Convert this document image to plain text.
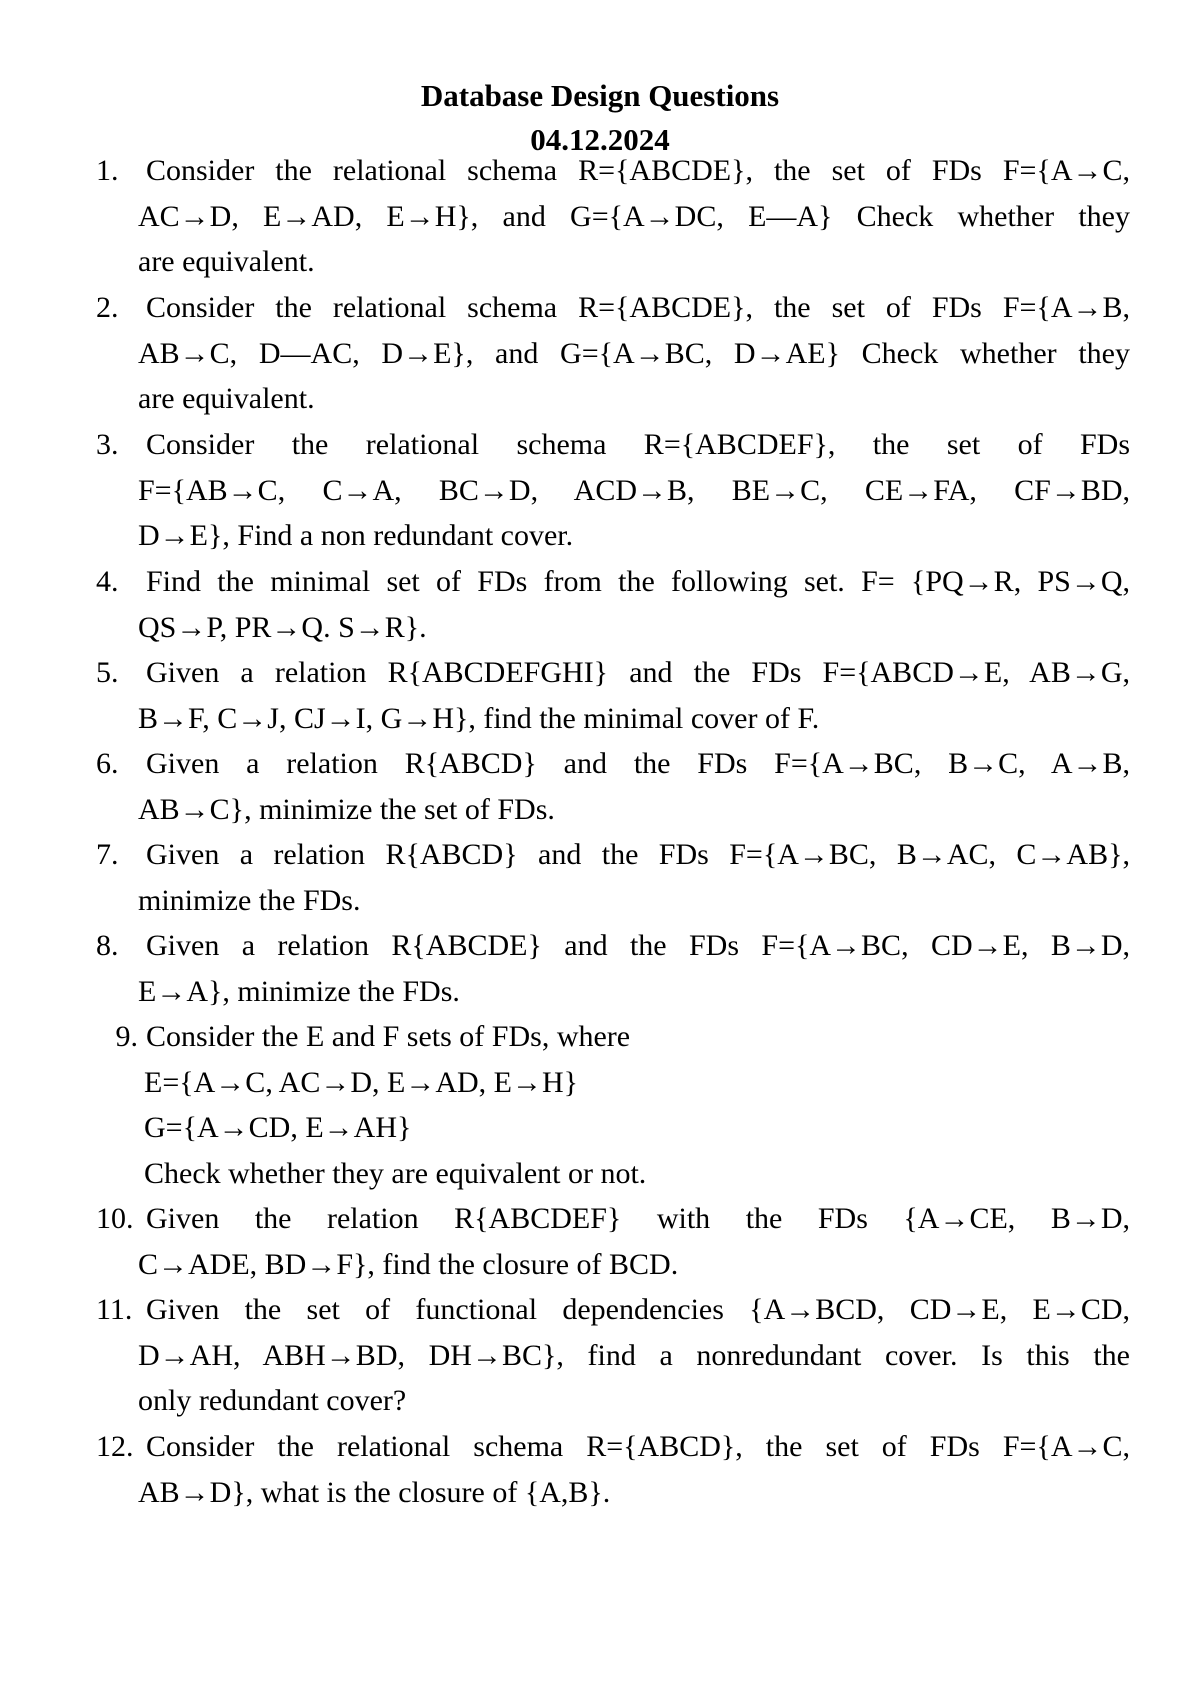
Database Design Questions
04.12.2024
1. Consider the relational schema R={ABCDE}, the set of FDs F={A→C,
AC→D, E→AD, E→H}, and G={A→DC, E—A} Check whether they
are equivalent.
2. Consider the relational schema R={ABCDE}, the set of FDs F={A→B,
AB→C, D—AC, D→E}, and G={A→BC, D→AE} Check whether they
are equivalent.
3. Consider the relational schema R={ABCDEF}, the set of FDs
F={AB→C, C→A, BC→D, ACD→B, BE→C, CE→FA, CF→BD,
D→E}, Find a non redundant cover.
4. Find the minimal set of FDs from the following set. F= {PQ→R, PS→Q,
QS→P, PR→Q. S→R}.
5. Given a relation R{ABCDEFGHI} and the FDs F={ABCD→E, AB→G,
B→F, C→J, CJ→I, G→H}, find the minimal cover of F.
6. Given a relation R{ABCD} and the FDs F={A→BC, B→C, A→B,
AB→C}, minimize the set of FDs.
7. Given a relation R{ABCD} and the FDs F={A→BC, B→AC, C→AB},
minimize the FDs.
8. Given a relation R{ABCDE} and the FDs F={A→BC, CD→E, B→D,
E→A}, minimize the FDs.
9. Consider the E and F sets of FDs, where
E={A→C, AC→D, E→AD, E→H}
G={A→CD, E→AH}
Check whether they are equivalent or not.
10. Given the relation R{ABCDEF} with the FDs {A→CE, B→D,
C→ADE, BD→F}, find the closure of BCD.
11. Given the set of functional dependencies {A→BCD, CD→E, E→CD,
D→AH, ABH→BD, DH→BC}, find a nonredundant cover. Is this the
only redundant cover?
12. Consider the relational schema R={ABCD}, the set of FDs F={A→C,
AB→D}, what is the closure of {A,B}.
